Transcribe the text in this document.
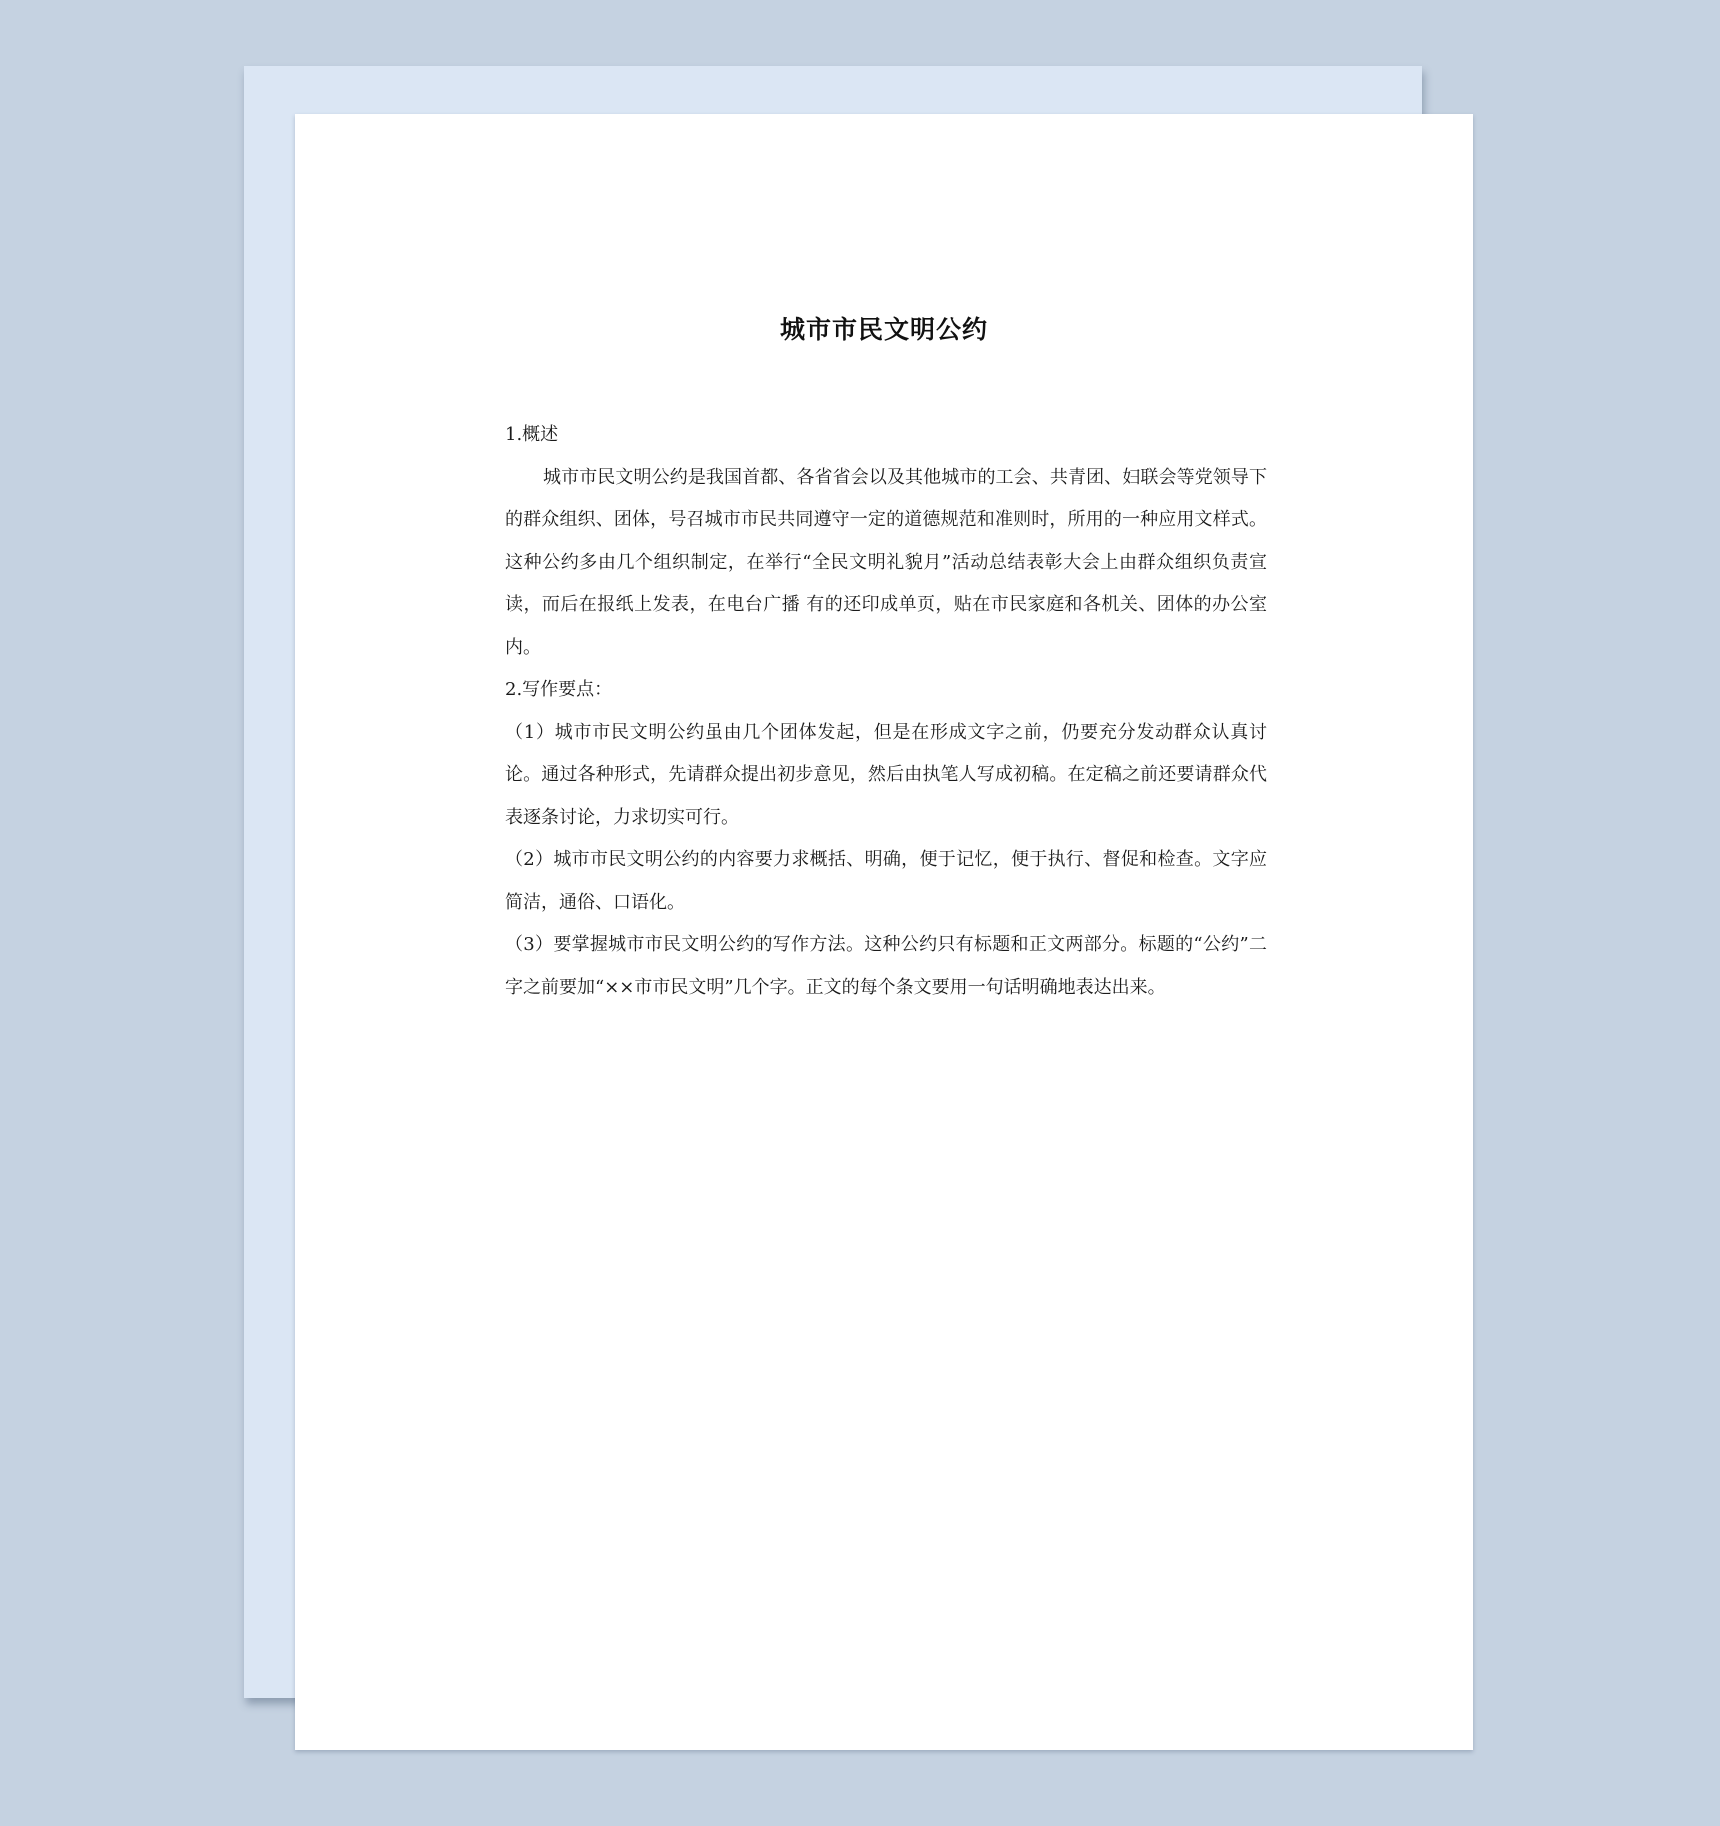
城市市民文明公约

1.概述

城市市民文明公约是我国首都、各省省会以及其他城市的工会、共青团、妇联会等党领导下的群众组织、团体，号召城市市民共同遵守一定的道德规范和准则时，所用的一种应用文样式。这种公约多由几个组织制定，在举行“全民文明礼貌月”活动总结表彰大会上由群众组织负责宣读，而后在报纸上发表，在电台广播 有的还印成单页，贴在市民家庭和各机关、团体的办公室内。

2.写作要点：

（1）城市市民文明公约虽由几个团体发起，但是在形成文字之前，仍要充分发动群众认真讨论。通过各种形式，先请群众提出初步意见，然后由执笔人写成初稿。在定稿之前还要请群众代表逐条讨论，力求切实可行。

（2）城市市民文明公约的内容要力求概括、明确，便于记忆，便于执行、督促和检查。文字应简洁，通俗、口语化。

（3）要掌握城市市民文明公约的写作方法。这种公约只有标题和正文两部分。标题的“公约”二字之前要加“××市市民文明”几个字。正文的每个条文要用一句话明确地表达出来。
